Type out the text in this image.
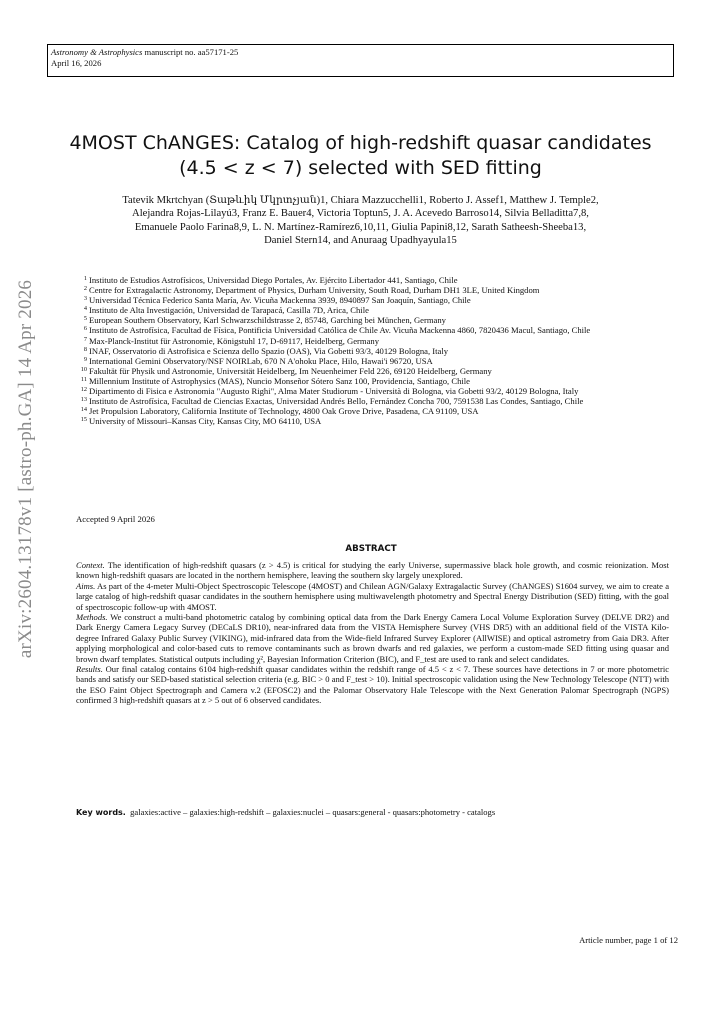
Astronomy & Astrophysics manuscript no. aa57171-25
April 16, 2026
arXiv:2604.13178v1 [astro-ph.GA] 14 Apr 2026
4MOST ChANGES: Catalog of high-redshift quasar candidates
(4.5 < z < 7) selected with SED fitting
Tatevik Mkrtchyan (Տաթևիկ Մկրտչյան)1, Chiara Mazzucchelli1, Roberto J. Assef1, Matthew J. Temple2,
Alejandra Rojas-Lilayú3, Franz E. Bauer4, Victoria Toptun5, J. A. Acevedo Barroso14, Silvia Belladitta7,8,
Emanuele Paolo Farina8,9, L. N. Martínez-Ramírez6,10,11, Giulia Papini8,12, Sarath Satheesh-Sheeba13,
Daniel Stern14, and Anuraag Upadhyayula15
1 Instituto de Estudios Astrofísicos, Universidad Diego Portales, Av. Ejército Libertador 441, Santiago, Chile
2 Centre for Extragalactic Astronomy, Department of Physics, Durham University, South Road, Durham DH1 3LE, United Kingdom
3 Universidad Técnica Federico Santa María, Av. Vicuña Mackenna 3939, 8940897 San Joaquín, Santiago, Chile
4 Instituto de Alta Investigación, Universidad de Tarapacá, Casilla 7D, Arica, Chile
5 European Southern Observatory, Karl Schwarzschildstrasse 2, 85748, Garching bei München, Germany
6 Instituto de Astrofísica, Facultad de Física, Pontificia Universidad Católica de Chile Av. Vicuña Mackenna 4860, 7820436 Macul, Santiago, Chile
7 Max-Planck-Institut für Astronomie, Königstuhl 17, D-69117, Heidelberg, Germany
8 INAF, Osservatorio di Astrofisica e Scienza dello Spazio (OAS), Via Gobetti 93/3, 40129 Bologna, Italy
9 International Gemini Observatory/NSF NOIRLab, 670 N A'ohoku Place, Hilo, Hawai'i 96720, USA
10 Fakultät für Physik und Astronomie, Universität Heidelberg, Im Neuenheimer Feld 226, 69120 Heidelberg, Germany
11 Millennium Institute of Astrophysics (MAS), Nuncio Monseñor Sótero Sanz 100, Providencia, Santiago, Chile
12 Dipartimento di Fisica e Astronomia "Augusto Righi", Alma Mater Studiorum - Università di Bologna, via Gobetti 93/2, 40129 Bologna, Italy
13 Instituto de Astrofísica, Facultad de Ciencias Exactas, Universidad Andrés Bello, Fernández Concha 700, 7591538 Las Condes, Santiago, Chile
14 Jet Propulsion Laboratory, California Institute of Technology, 4800 Oak Grove Drive, Pasadena, CA 91109, USA
15 University of Missouri–Kansas City, Kansas City, MO 64110, USA
Accepted 9 April 2026
ABSTRACT

Context. The identification of high-redshift quasars (z > 4.5) is critical for studying the early Universe, supermassive black hole growth, and cosmic reionization. Most known high-redshift quasars are located in the northern hemisphere, leaving the southern sky largely unexplored.

Aims. As part of the 4-meter Multi-Object Spectroscopic Telescope (4MOST) and Chilean AGN/Galaxy Extragalactic Survey (ChANGES) S1604 survey, we aim to create a large catalog of high-redshift quasar candidates in the southern hemisphere using multiwavelength photometry and Spectral Energy Distribution (SED) fitting, with the goal of spectroscopic follow-up with 4MOST.

Methods. We construct a multi-band photometric catalog by combining optical data from the Dark Energy Camera Local Volume Exploration Survey (DELVE DR2) and Dark Energy Camera Legacy Survey (DECaLS DR10), near-infrared data from the VISTA Hemisphere Survey (VHS DR5) with an additional field of the VISTA Kilo-degree Infrared Galaxy Public Survey (VIKING), mid-infrared data from the Wide-field Infrared Survey Explorer (AllWISE) and optical astrometry from Gaia DR3. After applying morphological and color-based cuts to remove contaminants such as brown dwarfs and red galaxies, we perform a custom-made SED fitting using quasar and brown dwarf templates. Statistical outputs including χ², Bayesian Information Criterion (BIC), and F_test are used to rank and select candidates.

Results. Our final catalog contains 6104 high-redshift quasar candidates within the redshift range of 4.5 < z < 7. These sources have detections in 7 or more photometric bands and satisfy our SED-based statistical selection criteria (e.g. BIC > 0 and F_test > 10). Initial spectroscopic validation using the New Technology Telescope (NTT) with the ESO Faint Object Spectrograph and Camera v.2 (EFOSC2) and the Palomar Observatory Hale Telescope with the Next Generation Palomar Spectrograph (NGPS) confirmed 3 high-redshift quasars at z > 5 out of 6 observed candidates.

Key words. galaxies:active – galaxies:high-redshift – galaxies:nuclei – quasars:general - quasars:photometry - catalogs
Article number, page 1 of 12
